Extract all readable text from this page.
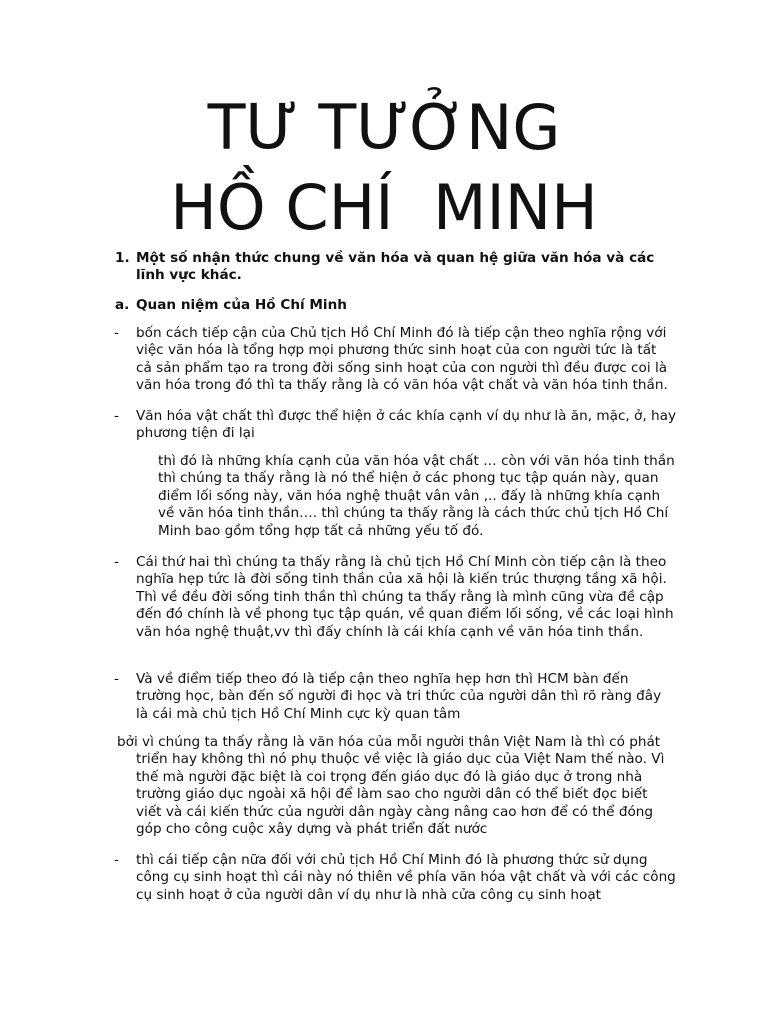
TƯ TƯỞNG
HỒ CHÍ  MINH
1. Một số nhận thức chung về văn hóa và quan hệ giữa văn hóa và các lĩnh vực khác.

a. Quan niệm của Hồ Chí Minh

- bốn cách tiếp cận của Chủ tịch Hồ Chí Minh đó là tiếp cận theo nghĩa rộng với việc văn hóa là tổng hợp mọi phương thức sinh hoạt của con người tức là tất cả sản phẩm tạo ra trong đời sống sinh hoạt của con người thì đều được coi là văn hóa trong đó thì ta thấy rằng là có văn hóa vật chất và văn hóa tinh thần.

- Văn hóa vật chất thì được thể hiện ở các khía cạnh ví dụ như là ăn, mặc, ở, hay phương tiện đi lại

thì đó là những khía cạnh của văn hóa vật chất … còn với văn hóa tinh thần thì chúng ta thấy rằng là nó thể hiện ở các phong tục tập quán này, quan điểm lối sống này, văn hóa nghệ thuật vân vân ,.. đấy là những khía cạnh về văn hóa tinh thần…. thì chúng ta thấy rằng là cách thức chủ tịch Hồ Chí Minh bao gồm tổng hợp tất cả những yếu tố đó.

- Cái thứ hai thì chúng ta thấy rằng là chủ tịch Hồ Chí Minh còn tiếp cận là theo nghĩa hẹp tức là đời sống tinh thần của xã hội là kiến trúc thượng tầng xã hội. Thì về đều đời sống tinh thần thì chúng ta thấy rằng là mình cũng vừa đề cập đến đó chính là về phong tục tập quán, về quan điểm lối sống, về các loại hình văn hóa nghệ thuật,vv thì đấy chính là cái khía cạnh về văn hóa tinh thần.

- Và về điểm tiếp theo đó là tiếp cận theo nghĩa hẹp hơn thì HCM bàn đến trường học, bàn đến số người đi học và tri thức của người dân thì rõ ràng đây là cái mà chủ tịch Hồ Chí Minh cực kỳ quan tâm

bởi vì chúng ta thấy rằng là văn hóa của mỗi người thân Việt Nam là thì có phát triển hay không thì nó phụ thuộc về việc là giáo dục của Việt Nam thế nào. Vì thế mà người đặc biệt là coi trọng đến giáo dục đó là giáo dục ở trong nhà trường giáo dục ngoài xã hội để làm sao cho người dân có thể biết đọc biết viết và cái kiến thức của người dân ngày càng nâng cao hơn để có thể đóng góp cho công cuộc xây dựng và phát triển đất nước

- thì cái tiếp cận nữa đối với chủ tịch Hồ Chí Minh đó là phương thức sử dụng công cụ sinh hoạt thì cái này nó thiên về phía văn hóa vật chất và với các công cụ sinh hoạt ở của người dân ví dụ như là nhà cửa công cụ sinh hoạt
